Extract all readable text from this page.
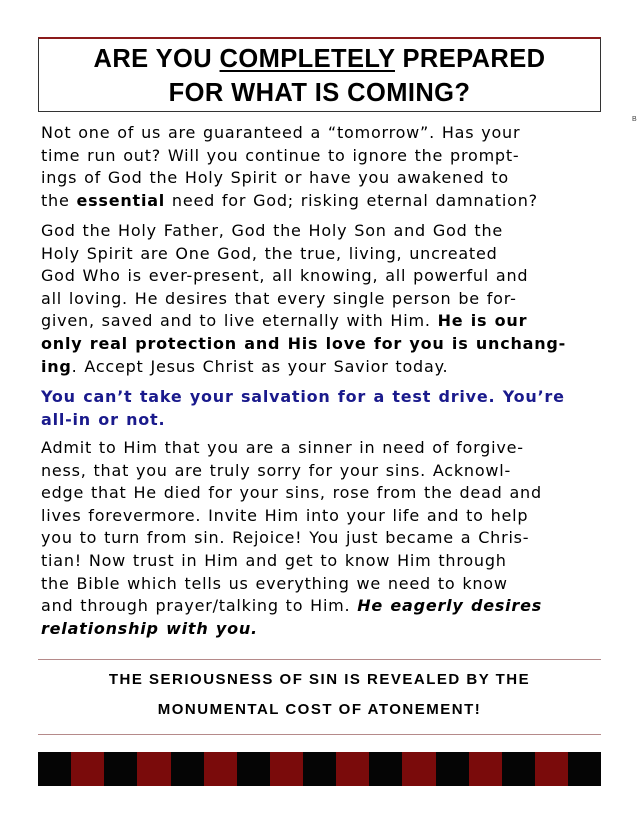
ARE YOU COMPLETELY PREPARED
FOR WHAT IS COMING?
B

Not one of us are guaranteed a “tomorrow”. Has your
time run out? Will you continue to ignore the prompt-
ings of God the Holy Spirit or have you awakened to
the essential need for God; risking eternal damnation?

God the Holy Father, God the Holy Son and God the
Holy Spirit are One God, the true, living, uncreated
God Who is ever-present, all knowing, all powerful and
all loving. He desires that every single person be for-
given, saved and to live eternally with Him. He is our
only real protection and His love for you is unchang-
ing. Accept Jesus Christ as your Savior today.

You can’t take your salvation for a test drive. You’re
all-in or not.

Admit to Him that you are a sinner in need of forgive-
ness, that you are truly sorry for your sins. Acknowl-
edge that He died for your sins, rose from the dead and
lives forevermore. Invite Him into your life and to help
you to turn from sin. Rejoice! You just became a Chris-
tian! Now trust in Him and get to know Him through
the Bible which tells us everything we need to know
and through prayer/talking to Him. He eagerly desires
relationship with you.

THE SERIOUSNESS OF SIN IS REVEALED BY THE
MONUMENTAL COST OF ATONEMENT!
